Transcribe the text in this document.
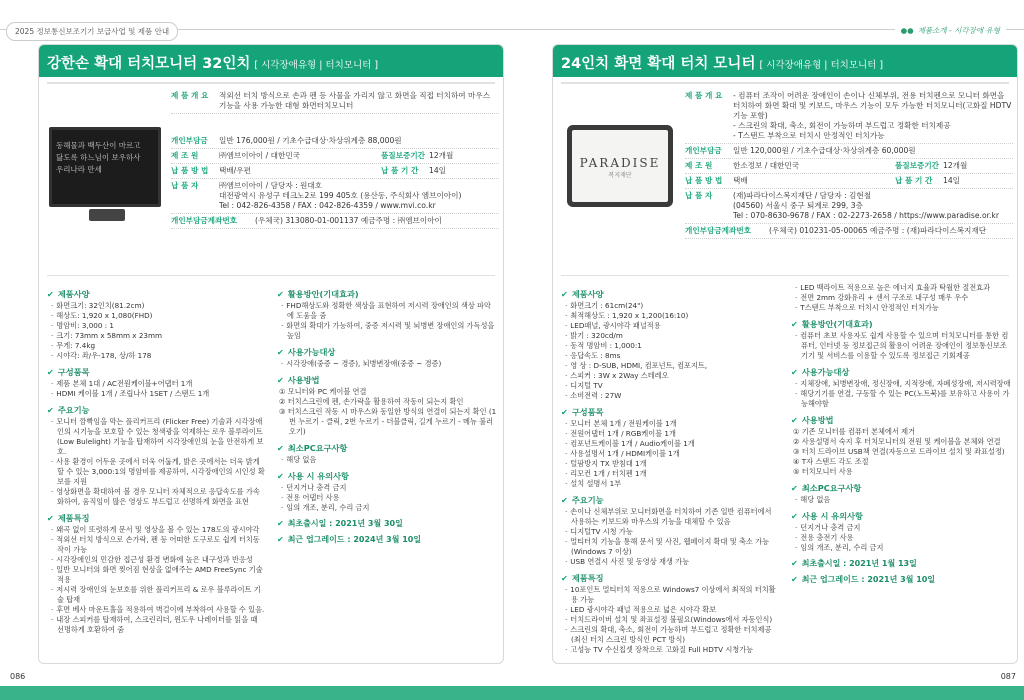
2025 정보통신보조기기 보급사업 및 제품 안내	●● 제품소개 - 시각장애 유형
강한손 확대 터치모니터 32인치 [ 시각장애유형 | 터치모니터 ]
동해물과 백두산이 마르고
닳도록 하느님이 보우하사
우리나라 만세
제 품 개 요	적외선 터치 방식으로 손과 펜 등 사물을 가리지 않고 화면을 직접 터치하여 마우스 기능을 사용 가능한 대형 화면터치모니터
개인부담금	일반 176,000원 / 기초수급대상·차상위계층 88,000원
제 조 원	㈜엠브이아이 / 대한민국	품질보증기간 12개월
납 품 방 법	택배/우편	납 품 기 간	14일
납 품 자	㈜엠브이아이 / 담당자 : 원대호
대전광역시 유성구 테크노2로 199 405호 (용산동, 주식회사 엠브이아이)
Tel : 042-826-4358 / FAX : 042-826-4359 / www.mvi.co.kr
개인부담금계좌번호	(우체국) 313080-01-001137 예금주명 : ㈜엠브이아이
✔ 제품사양
· 화면크기: 32인치(81.2cm)
· 해상도: 1,920 x 1,080(FHD)
· 명암비: 3,000 : 1
· 크기: 73mm x 58mm x 23mm
· 무게: 7.4kg
· 시야각: 좌/우-178, 상/하 178
✔ 구성품목
· 제품 본체 1대 / AC전원케이블+어댑터 1개
· HDMI 케이블 1개 / 조립나사 1SET / 스탠드 1개
✔ 주요기능
· 모니터 깜빡임을 막는 플리커프리 (Flicker Free) 기술과 시각장애인의 시기능을 보호할 수 있는 청색광을 억제하는 로우 블루라이트 (Low Bulelight) 기능을 탑재하여 시각장애인의 눈을 안전하게 보호.
· 사용 환경이 어두운 곳에서 더욱 어둡게, 밝은 곳에서는 더욱 밝게 할 수 있는 3,000:1의 명암비를 제공하여, 시각장애인의 시인성 확보를 지원
· 영상화면을 확대하여 볼 경우 모니터 자체적으로 응답속도를 가속화하여, 움직임이 많은 영상도 부드럽고 선명하게 화면을 표현
✔ 제품특징
· 왜곡 없이 또렷하게 문서 및 영상을 볼 수 있는 178도의 광시야각
· 적외선 터치 방식으로 손가락, 펜 등 어떠한 도구로도 쉽게 터치동작이 가능
· 시각장애인의 민감한 접근성 환경 변화에 높은 내구성과 반응성
· 일반 모니터의 화면 찢어짐 현상을 없애주는 AMD FreeSync 기술 적용
· 저시력 장애인의 눈보호를 위한 플리커프리 & 로우 블루라이트 기술 탑재
· 후면 베사 마운트홀을 적용하여 벽걸이에 부착하여 사용할 수 있음.
· 내장 스피커를 탑재하여, 스크린리더, 윈도우 나레이터를 읽을 때 선명하게 호환하여 줌
✔ 활용방안(기대효과)
· FHD해상도와 정확한 색상을 표현하여 저시력 장애인의 색상 파악에 도움을 줌
· 화면의 확대가 가능하여, 중증 저시력 및 뇌병변 장애인의 가독성을 높임
✔ 사용가능대상
· 시각장애(중증 ~ 경증), 뇌병변장애(중증 ~ 경증)
✔ 사용방법
① 모니터와 PC 케이블 연결
② 터치스크린에 펜, 손가락을 활용하여 작동이 되는지 확인
③ 터치스크린 작동 시 마우스와 동일한 방식의 연결이 되는지 확인 (1번 누르기 - 클릭, 2번 누르기 - 더블클릭, 길게 누르기 - 메뉴 불러오기)
✔ 최소PC요구사항
· 해당 없음
✔ 사용 시 유의사항
· 던지거나 충격 금지
· 전용 어댑터 사용
· 임의 개조, 분리, 수리 금지
✔ 최초출시일 : 2021년 3월 30일
✔ 최근 업그레이드 : 2024년 3월 10일
24인치 화면 확대 터치 모니터 [ 시각장애유형 | 터치모니터 ]
PARADISE
복지재단
제 품 개 요	- 컴퓨터 조작이 어려운 장애인이 손이나 신체부위, 전용 터치펜으로 모니터 화면을 터치하여 화면 확대 및 키보드, 마우스 기능이 모두 가능한 터치모니터(고화질 HDTV 기능 포함)
- 스크린의 확대, 축소, 회전이 가능하며 부드럽고 정확한 터치제공
- T스탠드 부착으로 터치시 안정적인 터치가능
개인부담금	일반 120,000원 / 기초수급대상·차상위계층 60,000원
제 조 원	한소정보 / 대한민국	품질보증기간 12개월
납 품 방 법	택배	납 품 기 간	14일
납 품 자	(재)파라다이스복지재단 / 담당자 : 김현철
(04560) 서울시 중구 퇴계로 299, 3층
Tel : 070-8630-9678 / FAX : 02-2273-2658 / https://www.paradise.or.kr
개인부담금계좌번호	(우체국) 010231-05-00065 예금주명 : (재)파라다이스복지재단
✔ 제품사양
· 화면크기 : 61cm(24")
· 최적해상도 : 1,920 x 1,200(16:10)
· LED패널, 광시야각 패널적용
· 밝기 : 320cd/m
· 동적 명암비 : 1,000:1
· 응답속도 : 8ms
· 영 상 : D-SUB, HDMI, 컴포넌트, 컴포지트,
· 스피커 : 3W x 2Way 스테레오
· 디지털 TV
· 소비전력 : 27W
✔ 구성품목
· 모니터 본체 1개 / 전원케이블 1개
· 전원어댑터 1개 / RGB케이블 1개
· 컴포넌트케이블 1개 / Audio케이블 1개
· 사용설명서 1개 / HDMI케이블 1개
· 털팜방지 TX 받침대 1개
· 리모컨 1개 / 터치펜 1개
· 설치 설명서 1부
✔ 주요기능
· 손이나 신체부위로 모니터화면을 터치하여 기존 일반 컴퓨터에서 사용하는 키보드와 마우스의 기능을 대체할 수 있음
· 디지털TV 시청 가능
· 멀티터치 기능을 통해 문서 및 사진, 웹페이지 확대 및 축소 가능(Windows 7 이상)
· USB 연결시 사진 및 동영상 재생 가능
✔ 제품특징
· 10포인트 멀티터치 적용으로 Windows7 이상에서 최적의 터치활용 가능
· LED 광시야각 패널 적용으로 넓은 시야각 확보
· 터치드라이버 설치 및 좌표설정 불필요(Windows에서 자동인식)
· 스크린의 확대, 축소, 회전이 가능하며 부드럽고 정확한 터치제공 (최신 터치 스크린 방식인 PCT 방식)
· 고성능 TV 수신칩셋 장착으로 고화질 Full HDTV 시청가능
· LED 백라이트 적용으로 높은 에너지 효율과 탁월한 절전효과
· 전면 2mm 강화유리 + 센서 구조로 내구성 매우 우수
· T스탠드 부착으로 터치시 안정적인 터치가능
✔ 활용방안(기대효과)
· 컴퓨터 초보 사용자도 쉽게 사용할 수 있으며 터치모니터를 통한 컴퓨터, 인터넷 등 정보접근의 활용이 어려운 장애인이 정보통신보조기기 및 서비스를 이용할 수 있도록 정보접근 기회제공
✔ 사용가능대상
· 지체장애, 뇌병변장애, 정신장애, 지적장애, 자폐성장애, 저시력장애
· 해당기기를 연결, 구동할 수 있는 PC(노트북)를 보유하고 사용이 가능해야함
✔ 사용방법
① 기존 모니터를 컴퓨터 본체에서 제거
② 사용설명서 숙지 후 터치모니터의 전원 및 케이블을 본체와 연결
③ 터치 드라이브 USB책 연결(자동으로 드라이브 설치 및 좌표설정)
④ T자 스탠드 각도 조절
⑤ 터치모니터 사용
✔ 최소PC요구사항
· 해당 없음
✔ 사용 시 유의사항
· 던지거나 충격 금지
· 전용 충전기 사용
· 임의 개조, 분리, 수리 금지
✔ 최초출시일 : 2021년 1월 13일
✔ 최근 업그레이드 : 2021년 3월 10일
086	087
